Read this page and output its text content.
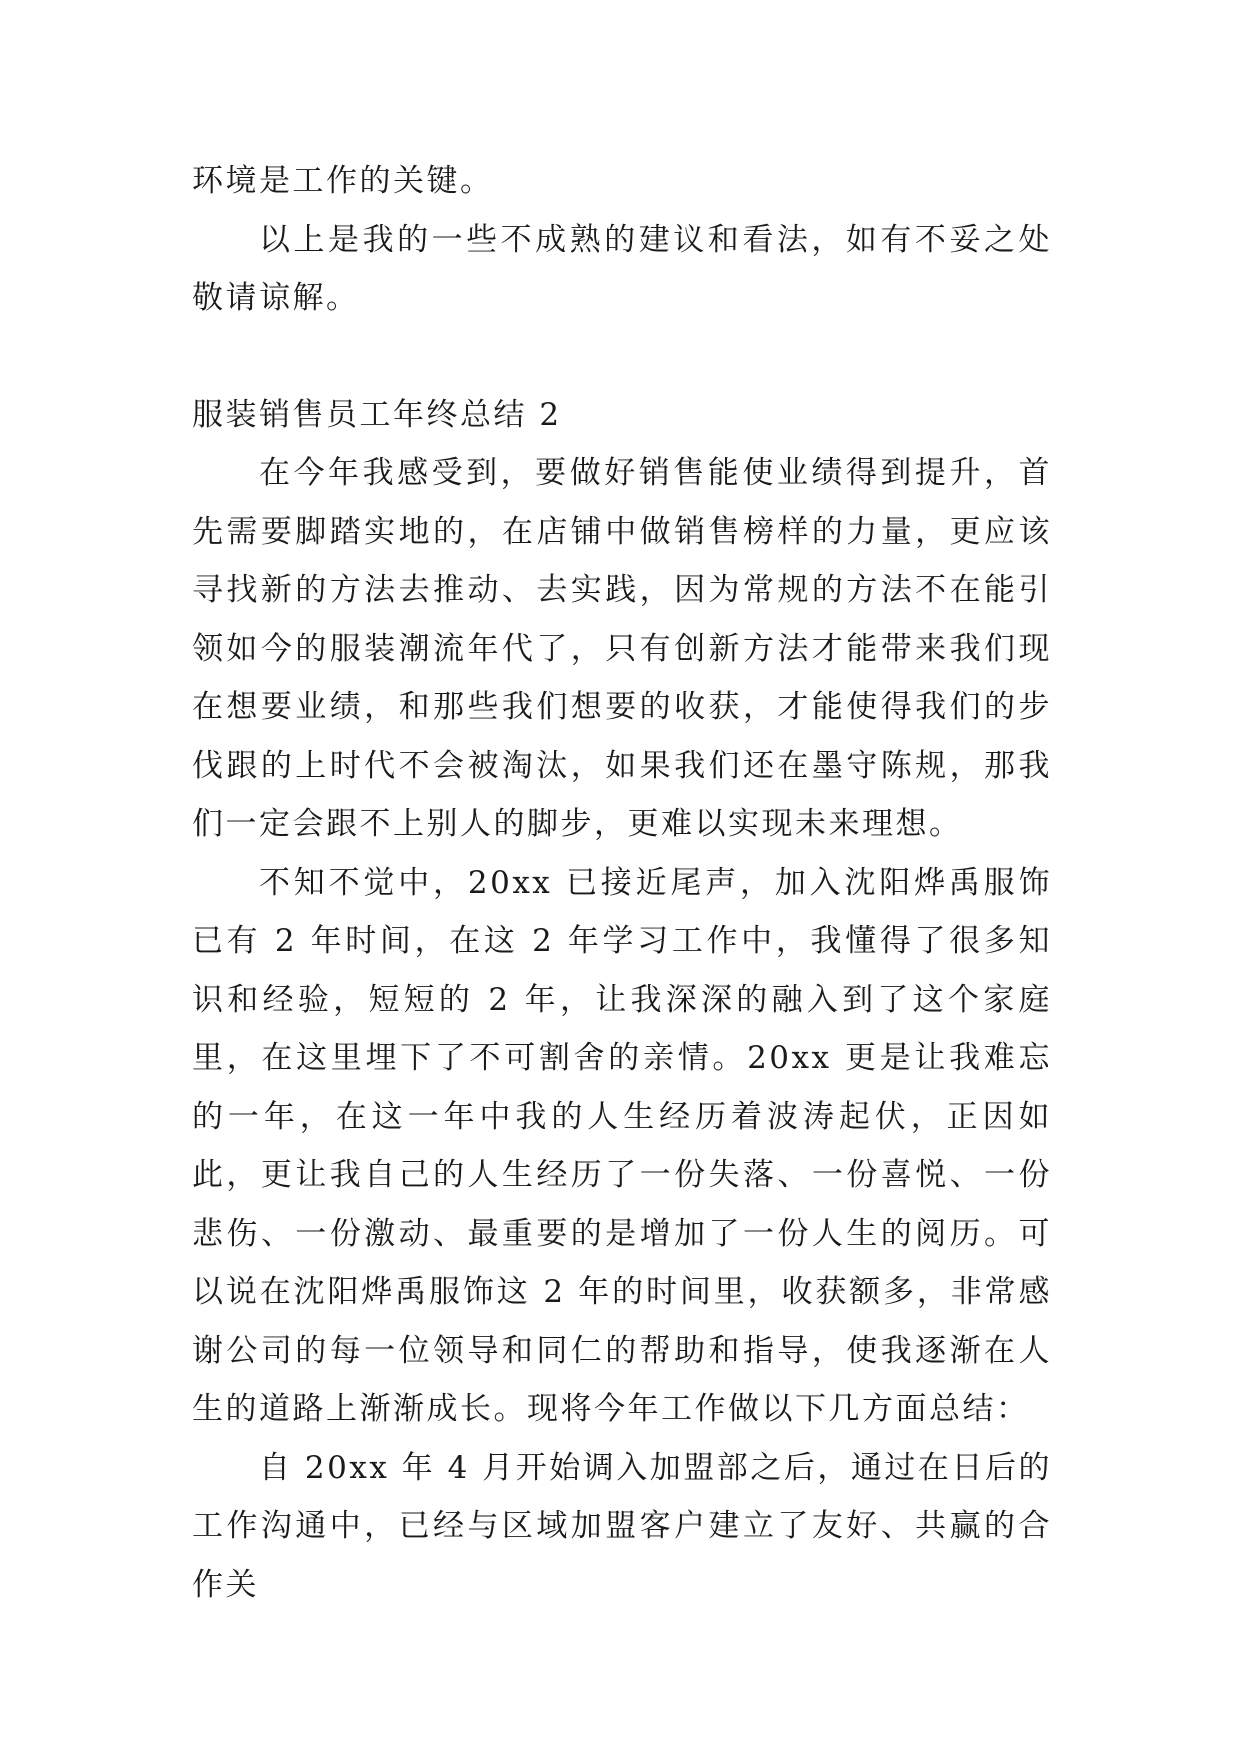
环境是工作的关键。

以上是我的一些不成熟的建议和看法，如有不妥之处敬请谅解。

服装销售员工年终总结 2

在今年我感受到，要做好销售能使业绩得到提升，首先需要脚踏实地的，在店铺中做销售榜样的力量，更应该寻找新的方法去推动、去实践，因为常规的方法不在能引领如今的服装潮流年代了，只有创新方法才能带来我们现在想要业绩，和那些我们想要的收获，才能使得我们的步伐跟的上时代不会被淘汰，如果我们还在墨守陈规，那我们一定会跟不上别人的脚步，更难以实现未来理想。

不知不觉中，20xx 已接近尾声，加入沈阳烨禹服饰已有 2 年时间，在这 2 年学习工作中，我懂得了很多知识和经验，短短的 2 年，让我深深的融入到了这个家庭里，在这里埋下了不可割舍的亲情。20xx 更是让我难忘的一年，在这一年中我的人生经历着波涛起伏，正因如此，更让我自己的人生经历了一份失落、一份喜悦、一份悲伤、一份激动、最重要的是增加了一份人生的阅历。可以说在沈阳烨禹服饰这 2 年的时间里，收获额多，非常感谢公司的每一位领导和同仁的帮助和指导，使我逐渐在人生的道路上渐渐成长。现将今年工作做以下几方面总结：

自 20xx 年 4 月开始调入加盟部之后，通过在日后的工作沟通中，已经与区域加盟客户建立了友好、共赢的合作关
